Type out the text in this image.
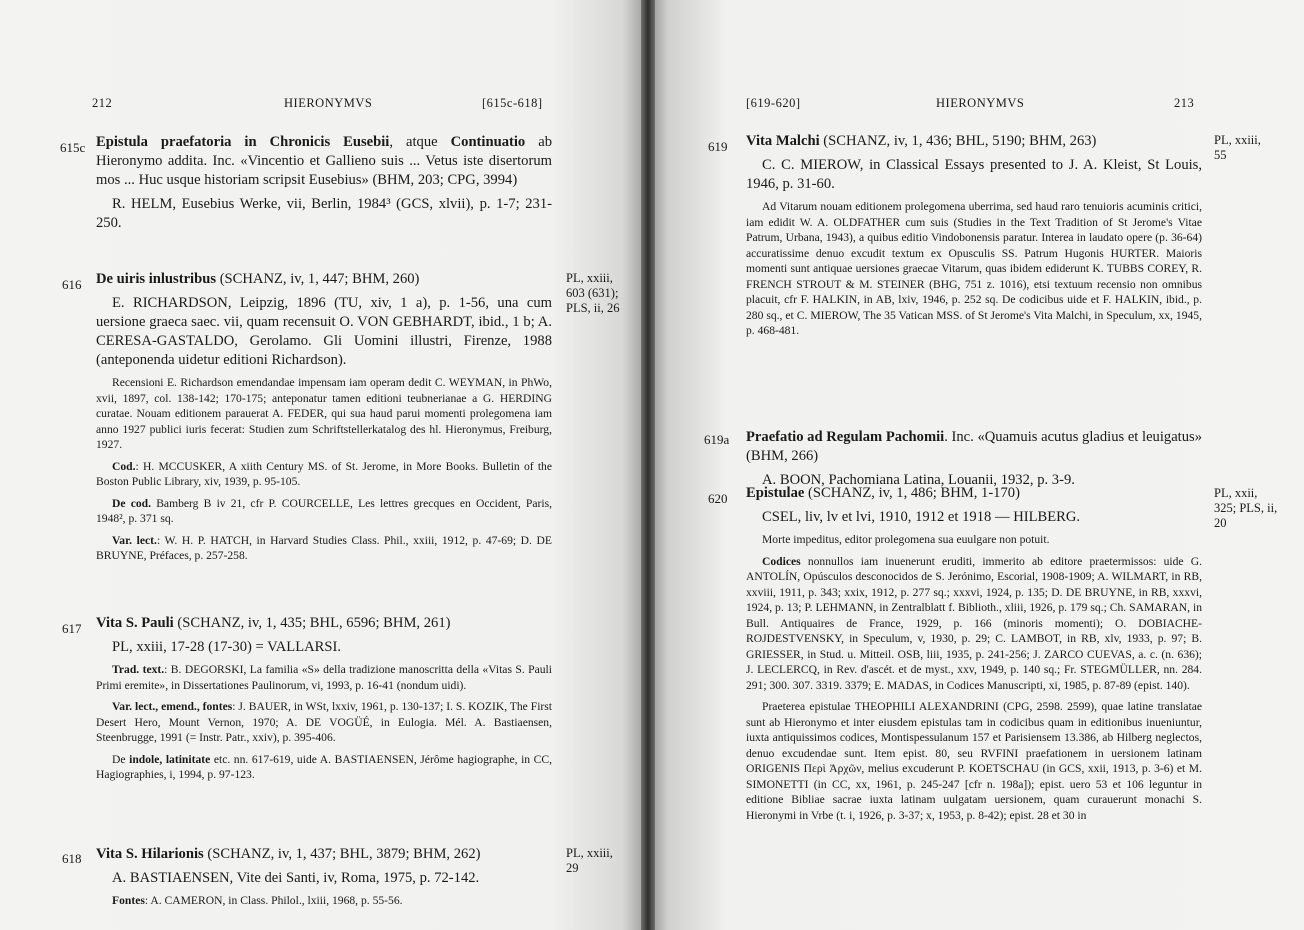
212	HIERONYMVS	[615c-618]
615c Epistula praefatoria in Chronicis Eusebii, atque Continuatio ab Hieronymo addita. Inc. «Vincentio et Gallieno suis ... Vetus iste disertorum mos ... Huc usque historiam scripsit Eusebius» (BHM, 203; CPG, 3994)

R. HELM, Eusebius Werke, vii, Berlin, 1984³ (GCS, xlvii), p. 1-7; 231-250.

616	PL, xxiii,
603 (631);
PLS, ii, 26

De uiris inlustribus (SCHANZ, iv, 1, 447; BHM, 260)

E. RICHARDSON, Leipzig, 1896 (TU, xiv, 1 a), p. 1-56, una cum uersione graeca saec. vii, quam recensuit O. VON GEBHARDT, ibid., 1 b; A. CERESA-GASTALDO, Gerolamo. Gli Uomini illustri, Firenze, 1988 (anteponenda uidetur editioni Richardson).

Recensioni E. Richardson emendandae impensam iam operam dedit C. WEYMAN, in PhWo, xvii, 1897, col. 138-142; 170-175; anteponatur tamen editioni teubnerianae a G. HERDING curatae. Nouam editionem parauerat A. FEDER, qui sua haud parui momenti prolegomena iam anno 1927 publici iuris fecerat: Studien zum Schriftstellerkatalog des hl. Hieronymus, Freiburg, 1927.

Cod.: H. MCCUSKER, A xiith Century MS. of St. Jerome, in More Books. Bulletin of the Boston Public Library, xiv, 1939, p. 95-105.

De cod. Bamberg B iv 21, cfr P. COURCELLE, Les lettres grecques en Occident, Paris, 1948², p. 371 sq.

Var. lect.: W. H. P. HATCH, in Harvard Studies Class. Phil., xxiii, 1912, p. 47-69; D. DE BRUYNE, Préfaces, p. 257-258.

617 Vita S. Pauli (SCHANZ, iv, 1, 435; BHL, 6596; BHM, 261)

PL, xxiii, 17-28 (17-30) = VALLARSI.

Trad. text.: B. DEGORSKI, La familia «S» della tradizione manoscritta della «Vitas S. Pauli Primi eremite», in Dissertationes Paulinorum, vi, 1993, p. 16-41 (nondum uidi).

Var. lect., emend., fontes: J. BAUER, in WSt, lxxiv, 1961, p. 130-137; I. S. KOZIK, The First Desert Hero, Mount Vernon, 1970; A. DE VOGÜÉ, in Eulogia. Mél. A. Bastiaensen, Steenbrugge, 1991 (= Instr. Patr., xxiv), p. 395-406.

De indole, latinitate etc. nn. 617-619, uide A. BASTIAENSEN, Jérôme hagiographe, in CC, Hagiographies, i, 1994, p. 97-123.

618	PL, xxiii,
29

Vita S. Hilarionis (SCHANZ, iv, 1, 437; BHL, 3879; BHM, 262)

A. BASTIAENSEN, Vite dei Santi, iv, Roma, 1975, p. 72-142.

Fontes: A. CAMERON, in Class. Philol., lxiii, 1968, p. 55-56.

[619-620]	HIERONYMVS	213
619	PL, xxiii,
55

Vita Malchi (SCHANZ, iv, 1, 436; BHL, 5190; BHM, 263)

C. C. MIEROW, in Classical Essays presented to J. A. Kleist, St Louis, 1946, p. 31-60.

Ad Vitarum nouam editionem prolegomena uberrima, sed haud raro tenuioris acuminis critici, iam edidit W. A. OLDFATHER cum suis (Studies in the Text Tradition of St Jerome's Vitae Patrum, Urbana, 1943), a quibus editio Vindobonensis paratur. Interea in laudato opere (p. 36-64) accuratissime denuo excudit textum ex Opusculis SS. Patrum Hugonis HURTER. Maioris momenti sunt antiquae uersiones graecae Vitarum, quas ibidem ediderunt K. TUBBS COREY, R. FRENCH STROUT & M. STEINER (BHG, 751 z. 1016), etsi textuum recensio non omnibus placuit, cfr F. HALKIN, in AB, lxiv, 1946, p. 252 sq. De codicibus uide et F. HALKIN, ibid., p. 280 sq., et C. MIEROW, The 35 Vatican MSS. of St Jerome's Vita Malchi, in Speculum, xx, 1945, p. 468-481.

619a	Praefatio ad Regulam Pachomii. Inc. «Quamuis acutus gladius et leuigatus» (BHM, 266)

A. BOON, Pachomiana Latina, Louanii, 1932, p. 3-9.

620	PL, xxii,
325; PLS, ii,
20

Epistulae (SCHANZ, iv, 1, 486; BHM, 1-170)

CSEL, liv, lv et lvi, 1910, 1912 et 1918 — HILBERG.

Morte impeditus, editor prolegomena sua euulgare non potuit.

Codices nonnullos iam inuenerunt eruditi, immerito ab editore praetermissos: uide G. ANTOLÍN, Opúsculos desconocidos de S. Jerónimo, Escorial, 1908-1909; A. WILMART, in RB, xxviii, 1911, p. 343; xxix, 1912, p. 277 sq.; xxxvi, 1924, p. 135; D. DE BRUYNE, in RB, xxxvi, 1924, p. 13; P. LEHMANN, in Zentralblatt f. Biblioth., xliii, 1926, p. 179 sq.; Ch. SAMARAN, in Bull. Antiquaires de France, 1929, p. 166 (minoris momenti); O. DOBIACHE-ROJDESTVENSKY, in Speculum, v, 1930, p. 29; C. LAMBOT, in RB, xlv, 1933, p. 97; B. GRIESSER, in Stud. u. Mitteil. OSB, liii, 1935, p. 241-256; J. ZARCO CUEVAS, a. c. (n. 636); J. LECLERCQ, in Rev. d'ascét. et de myst., xxv, 1949, p. 140 sq.; Fr. STEGMÜLLER, nn. 284. 291; 300. 307. 3319. 3379; E. MADAS, in Codices Manuscripti, xi, 1985, p. 87-89 (epist. 140).

Praeterea epistulae THEOPHILI ALEXANDRINI (CPG, 2598. 2599), quae latine translatae sunt ab Hieronymo et inter eiusdem epistulas tam in codicibus quam in editionibus inueniuntur, iuxta antiquissimos codices, Montispessulanum 157 et Parisiensem 13.386, ab Hilberg neglectos, denuo excudendae sunt. Item epist. 80, seu RVFINI praefationem in uersionem latinam ORIGENIS Περὶ Ἀρχῶν, melius excuderunt P. KOETSCHAU (in GCS, xxii, 1913, p. 3-6) et M. SIMONETTI (in CC, xx, 1961, p. 245-247 [cfr n. 198a]); epist. uero 53 et 106 leguntur in editione Bibliae sacrae iuxta latinam uulgatam uersionem, quam curauerunt monachi S. Hieronymi in Vrbe (t. i, 1926, p. 3-37; x, 1953, p. 8-42); epist. 28 et 30 in
